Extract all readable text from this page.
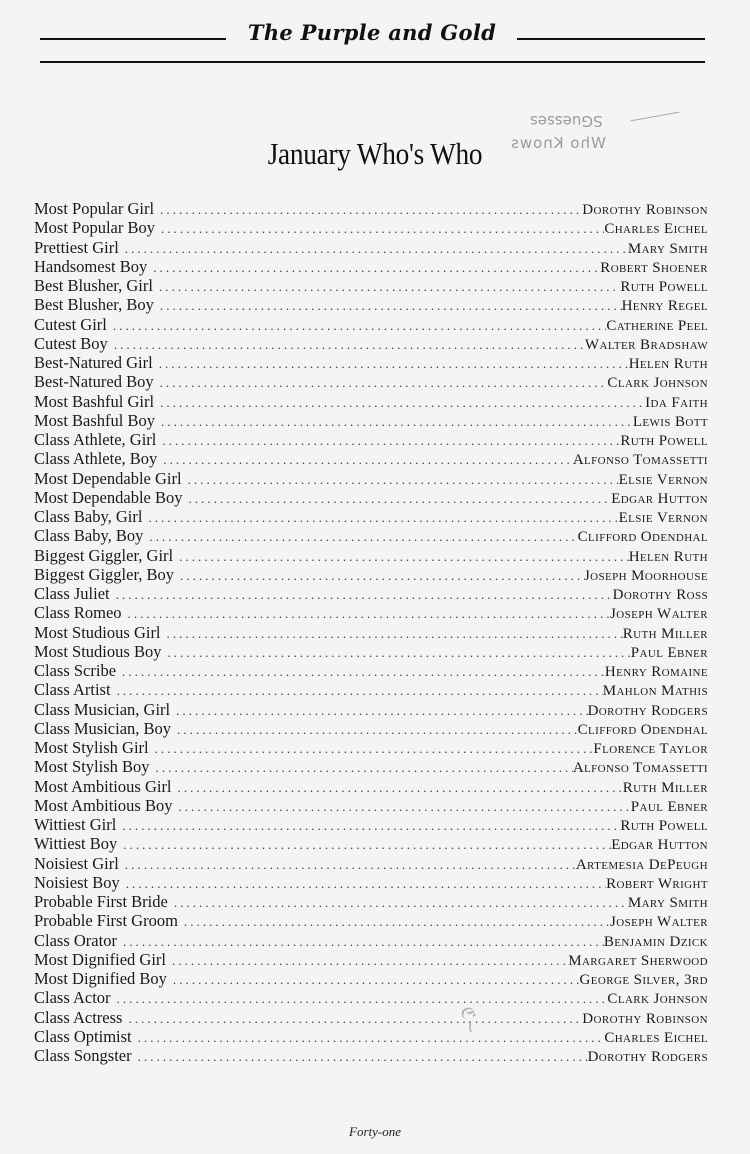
The Purple and Gold
SGuesses
Who Knows
January Who's Who
Most Popular Girl .....	Dorothy Robinson
Most Popular Boy .....	Charles Eichel
Prettiest Girl .....	Mary Smith
Handsomest Boy .....	Robert Shoener
Best Blusher, Girl .....	Ruth Powell
Best Blusher, Boy .....	Henry Regel
Cutest Girl .....	Catherine Peel
Cutest Boy .....	Walter Bradshaw
Best-Natured Girl .....	Helen Ruth
Best-Natured Boy .....	Clark Johnson
Most Bashful Girl .....	Ida Faith
Most Bashful Boy .....	Lewis Bott
Class Athlete, Girl .....	Ruth Powell
Class Athlete, Boy .....	Alfonso Tomassetti
Most Dependable Girl .....	Elsie Vernon
Most Dependable Boy .....	Edgar Hutton
Class Baby, Girl .....	Elsie Vernon
Class Baby, Boy .....	Clifford Odendhal
Biggest Giggler, Girl .....	Helen Ruth
Biggest Giggler, Boy .....	Joseph Moorhouse
Class Juliet .....	Dorothy Ross
Class Romeo .....	Joseph Walter
Most Studious Girl .....	Ruth Miller
Most Studious Boy .....	Paul Ebner
Class Scribe .....	Henry Romaine
Class Artist .....	Mahlon Mathis
Class Musician, Girl .....	Dorothy Rodgers
Class Musician, Boy .....	Clifford Odendhal
Most Stylish Girl .....	Florence Taylor
Most Stylish Boy .....	Alfonso Tomassetti
Most Ambitious Girl .....	Ruth Miller
Most Ambitious Boy .....	Paul Ebner
Wittiest Girl .....	Ruth Powell
Wittiest Boy .....	Edgar Hutton
Noisiest Girl .....	Artemesia DePeugh
Noisiest Boy .....	Robert Wright
Probable First Bride .....	Mary Smith
Probable First Groom .....	Joseph Walter
Class Orator .....	Benjamin Dzick
Most Dignified Girl .....	Margaret Sherwood
Most Dignified Boy .....	George Silver, 3rd
Class Actor .....	Clark Johnson
Class Actress .....	Dorothy Robinson
Class Optimist .....	Charles Eichel
Class Songster .....	Dorothy Rodgers
ℭ~
Forty-one
